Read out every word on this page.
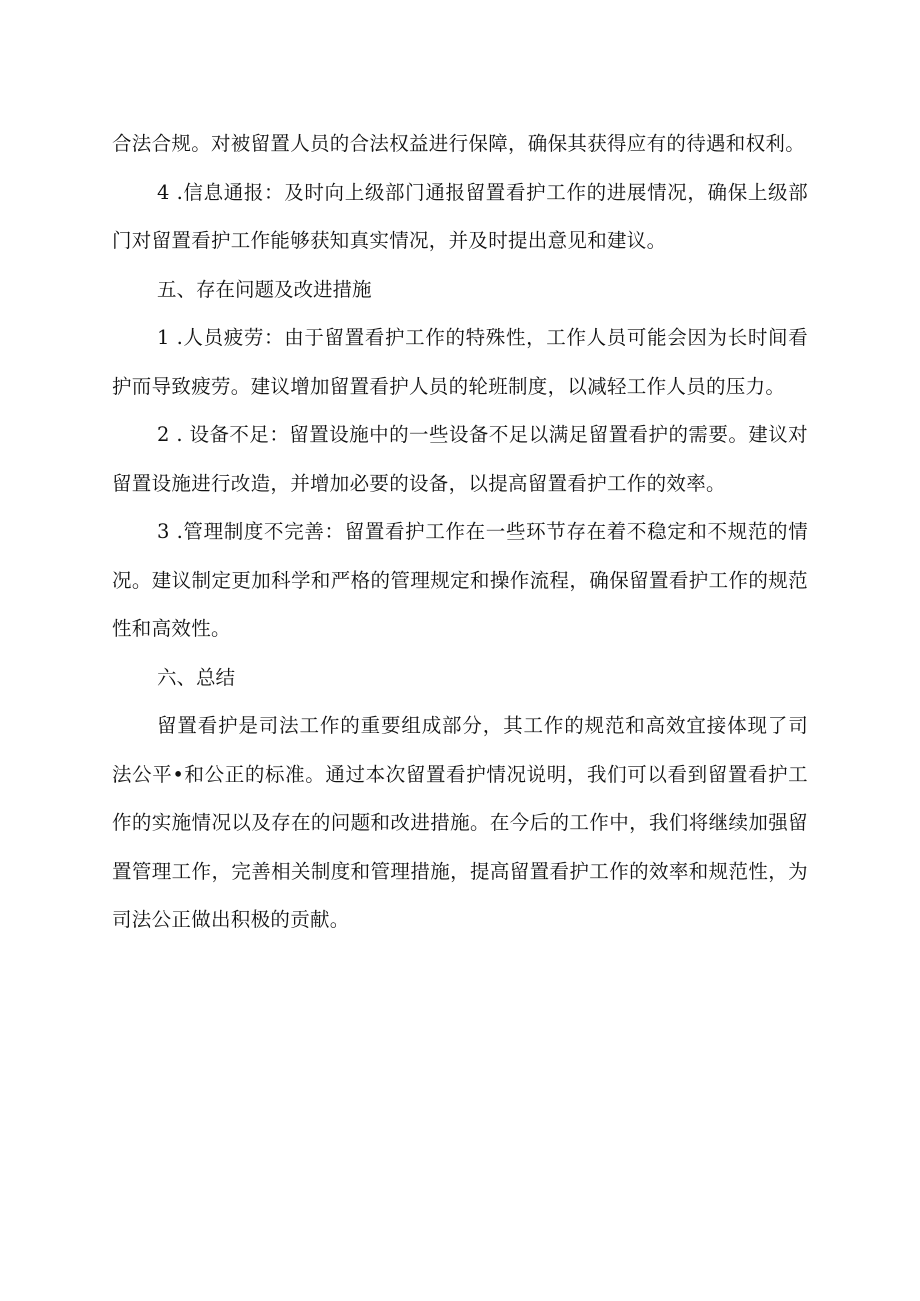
合法合规。对被留置人员的合法权益进行保障，确保其获得应有的待遇和权利。

4 .信息通报：及时向上级部门通报留置看护工作的进展情况，确保上级部门对留置看护工作能够获知真实情况，并及时提出意见和建议。

五、存在问题及改进措施

1 .人员疲劳：由于留置看护工作的特殊性，工作人员可能会因为长时间看护而导致疲劳。建议增加留置看护人员的轮班制度，以减轻工作人员的压力。

2 . 设备不足：留置设施中的一些设备不足以满足留置看护的需要。建议对留置设施进行改造，并增加必要的设备，以提高留置看护工作的效率。

3 .管理制度不完善：留置看护工作在一些环节存在着不稳定和不规范的情况。建议制定更加科学和严格的管理规定和操作流程，确保留置看护工作的规范性和高效性。

六、总结

留置看护是司法工作的重要组成部分，其工作的规范和高效宜接体现了司法公平•和公正的标准。通过本次留置看护情况说明，我们可以看到留置看护工作的实施情况以及存在的问题和改进措施。在今后的工作中，我们将继续加强留置管理工作，完善相关制度和管理措施，提高留置看护工作的效率和规范性，为司法公正做出积极的贡献。
